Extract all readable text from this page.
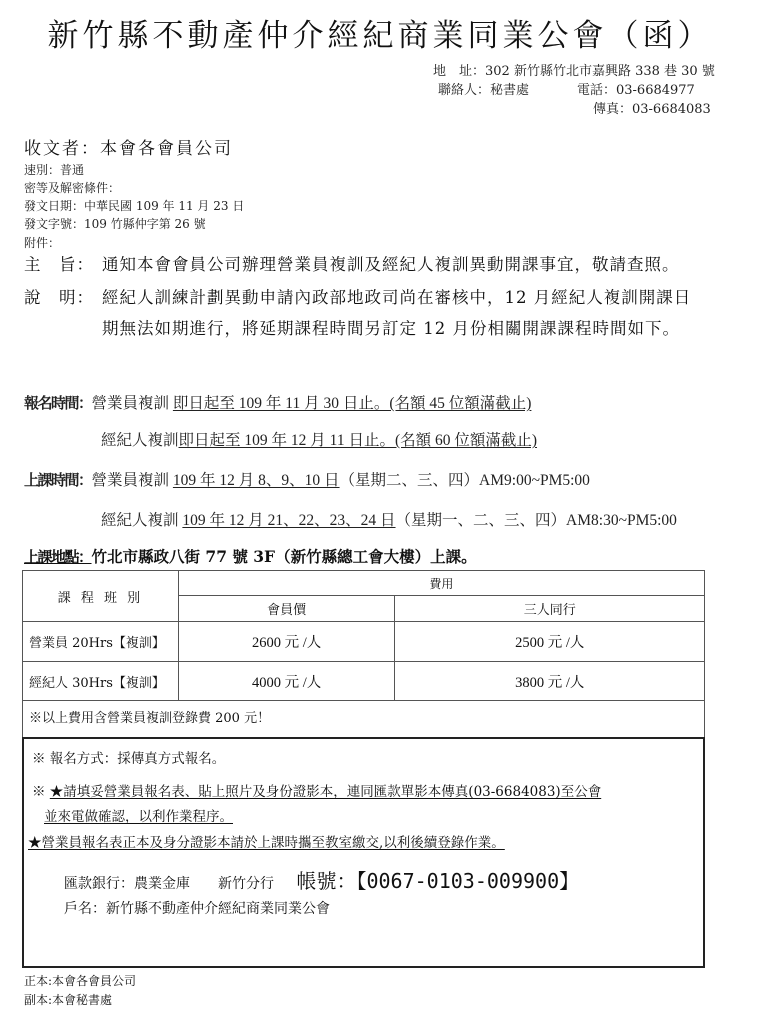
新竹縣不動產仲介經紀商業同業公會（函）
地　址：302 新竹縣竹北市嘉興路 338 巷 30 號
聯絡人：秘書處	電話：03-6684977
傳真：03-6684083
收文者：本會各會員公司
速別：普通
密等及解密條件：
發文日期：中華民國 109 年 11 月 23 日
發文字號：109 竹縣仲字第 26 號
附件：
主　旨： 通知本會會員公司辦理營業員複訓及經紀人複訓異動開課事宜，敬請查照。
說　明： 經紀人訓練計劃異動申請內政部地政司尚在審核中，12 月經紀人複訓開課日
期無法如期進行，將延期課程時間另訂定 12 月份相關開課課程時間如下。
報名時間：營業員複訓 即日起至 109 年 11 月 30 日止。(名額 45 位額滿截止)
經紀人複訓即日起至 109 年 12 月 11 日止。(名額 60 位額滿截止)
上課時間：營業員複訓 109 年 12 月 8、9、10 日（星期二、三、四）AM9:00~PM5:00
經紀人複訓 109 年 12 月 21、22、23、24 日（星期一、二、三、四）AM8:30~PM5:00
上課地點：竹北市縣政八街 77 號 3F（新竹縣總工會大樓）上課。
課 程 班 別	費用	
	會員價	三人同行
營業員 20Hrs【複訓】	2600 元 /人	2500 元 /人
經紀人 30Hrs【複訓】	4000 元 /人	3800 元 /人
※以上費用含營業員複訓登錄費 200 元！		
※ 報名方式：採傳真方式報名。
※ ★請填妥營業員報名表、貼上照片及身份證影本，連同匯款單影本傳真(03-6684083)至公會
並來電做確認，以利作業程序。
★營業員報名表正本及身分證影本請於上課時攜至教室繳交,以利後續登錄作業。
匯款銀行：農業金庫　　新竹分行 帳號：【0067-0103-009900】
戶名：新竹縣不動產仲介經紀商業同業公會
正本:本會各會員公司
副本:本會秘書處
